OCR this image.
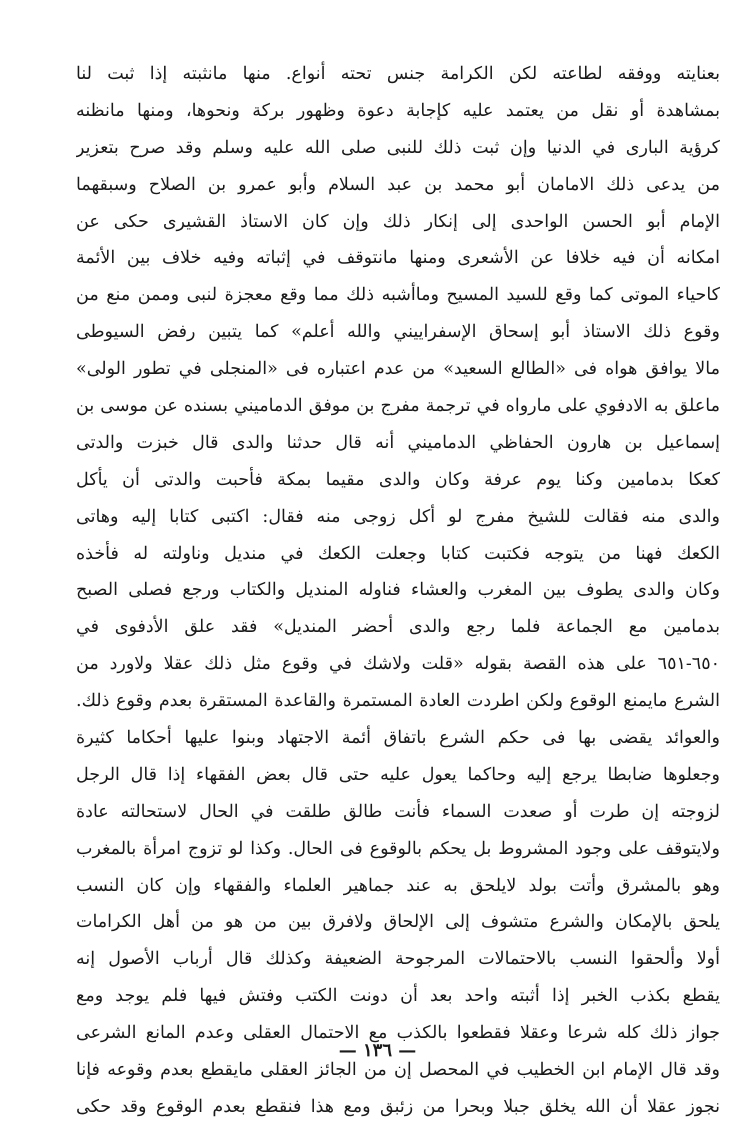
بعنايته ووفقه لطاعته لكن الكرامة جنس تحته أنواع. منها مانثبته إذا ثبت لنا
بمشاهدة أو نقل من يعتمد عليه كإجابة دعوة وظهور بركة ونحوها، ومنها مانظنه
كرؤية البارى في الدنيا وإن ثبت ذلك للنبى صلى الله عليه وسلم وقد صرح بتعزير
من يدعى ذلك الامامان أبو محمد بن عبد السلام وأبو عمرو بن الصلاح وسبقهما
الإمام أبو الحسن الواحدى إلى إنكار ذلك وإن كان الاستاذ القشيرى حكى عن
امكانه أن فيه خلافا عن الأشعرى ومنها مانتوقف في إثباته وفيه خلاف بين الأئمة
كاحياء الموتى كما وقع للسيد المسيح وماأشبه ذلك مما وقع معجزة لنبى وممن منع من
وقوع ذلك الاستاذ أبو إسحاق الإسفراييني والله أعلم» كما يتبين رفض السيوطى
مالا يوافق هواه فى «الطالع السعيد» من عدم اعتباره فى «المنجلى في تطور الولى»
ماعلق به الادفوي على مارواه في ترجمة مفرج بن موفق الدماميني بسنده عن موسى بن
إسماعيل بن هارون الحفاظي الدماميني أنه قال حدثنا والدى قال خبزت والدتى
كعكا بدمامين وكنا يوم عرفة وكان والدى مقيما بمكة فأحبت والدتى أن يأكل
والدى منه فقالت للشيخ مفرج لو أكل زوجى منه فقال: اكتبى كتابا إليه وهاتى
الكعك فهنا من يتوجه فكتبت كتابا وجعلت الكعك في منديل وناولته له فأخذه
وكان والدى يطوف بين المغرب والعشاء فناوله المنديل والكتاب ورجع فصلى الصبح
بدمامين مع الجماعة فلما رجع والدى أحضر المنديل» فقد علق الأدفوى في
٦٥٠-٦٥١ على هذه القصة بقوله «قلت ولاشك في وقوع مثل ذلك عقلا ولاورد من
الشرع مايمنع الوقوع ولكن اطردت العادة المستمرة والقاعدة المستقرة بعدم وقوع ذلك.
والعوائد يقضى بها فى حكم الشرع باتفاق أئمة الاجتهاد وبنوا عليها أحكاما كثيرة
وجعلوها ضابطا يرجع إليه وحاكما يعول عليه حتى قال بعض الفقهاء إذا قال الرجل
لزوجته إن طرت أو صعدت السماء فأنت طالق طلقت في الحال لاستحالته عادة
ولايتوقف على وجود المشروط بل يحكم بالوقوع فى الحال. وكذا لو تزوج امرأة بالمغرب
وهو بالمشرق وأتت بولد لايلحق به عند جماهير العلماء والفقهاء وإن كان النسب
يلحق بالإمكان والشرع متشوف إلى الإلحاق ولافرق بين من هو من أهل الكرامات
أولا وألحقوا النسب بالاحتمالات المرجوحة الضعيفة وكذلك قال أرباب الأصول إنه
يقطع بكذب الخبر إذا أثبته واحد بعد أن دونت الكتب وفتش فيها فلم يوجد ومع
جواز ذلك كله شرعا وعقلا فقطعوا بالكذب مع الاحتمال العقلى وعدم المانع الشرعى
وقد قال الإمام ابن الخطيب في المحصل إن من الجائز العقلى مايقطع بعدم وقوعه فإنا
نجوز عقلا أن الله يخلق جبلا وبحرا من زئبق ومع هذا فنقطع بعدم الوقوع وقد حكى
— ١٣٦ —
